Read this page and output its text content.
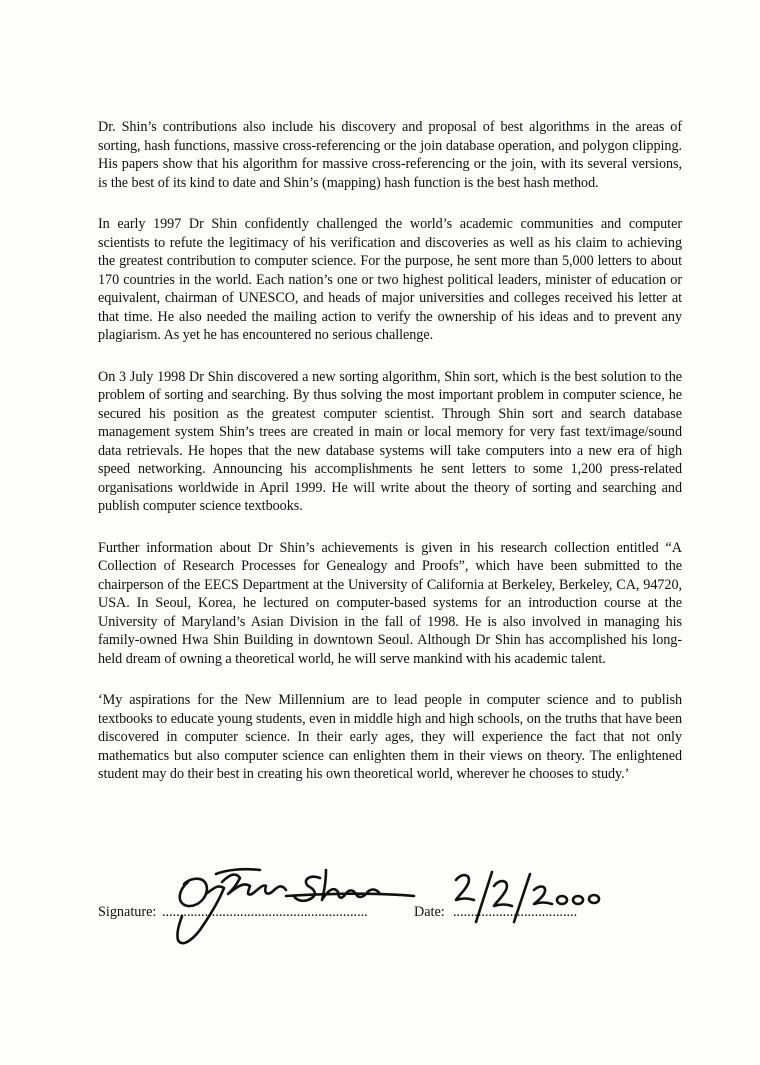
Dr. Shin’s contributions also include his discovery and proposal of best algorithms in the areas of sorting, hash functions, massive cross-referencing or the join database operation, and polygon clipping. His papers show that his algorithm for massive cross-referencing or the join, with its several versions, is the best of its kind to date and Shin’s (mapping) hash function is the best hash method.

In early 1997 Dr Shin confidently challenged the world’s academic communities and computer scientists to refute the legitimacy of his verification and discoveries as well as his claim to achieving the greatest contribution to computer science. For the purpose, he sent more than 5,000 letters to about 170 countries in the world. Each nation’s one or two highest political leaders, minister of education or equivalent, chairman of UNESCO, and heads of major universities and colleges received his letter at that time. He also needed the mailing action to verify the ownership of his ideas and to prevent any plagiarism. As yet he has encountered no serious challenge.

On 3 July 1998 Dr Shin discovered a new sorting algorithm, Shin sort, which is the best solution to the problem of sorting and searching. By thus solving the most important problem in computer science, he secured his position as the greatest computer scientist. Through Shin sort and search database management system Shin’s trees are created in main or local memory for very fast text/image/sound data retrievals. He hopes that the new database systems will take computers into a new era of high speed networking. Announcing his accomplishments he sent letters to some 1,200 press-related organisations worldwide in April 1999. He will write about the theory of sorting and searching and publish computer science textbooks.

Further information about Dr Shin’s achievements is given in his research collection entitled “A Collection of Research Processes for Genealogy and Proofs”, which have been submitted to the chairperson of the EECS Department at the University of California at Berkeley, Berkeley, CA, 94720, USA. In Seoul, Korea, he lectured on computer-based systems for an introduction course at the University of Maryland’s Asian Division in the fall of 1998. He is also involved in managing his family-owned Hwa Shin Building in downtown Seoul. Although Dr Shin has accomplished his long-held dream of owning a theoretical world, he will serve mankind with his academic talent.

‘My aspirations for the New Millennium are to lead people in computer science and to publish textbooks to educate young students, even in middle high and high schools, on the truths that have been discovered in computer science. In their early ages, they will experience the fact that not only mathematics but also computer science can enlighten them in their views on theory. The enlightened student may do their best in creating his own theoretical world, wherever he chooses to study.’

Signature: ..........................................................	Date: ...................................
